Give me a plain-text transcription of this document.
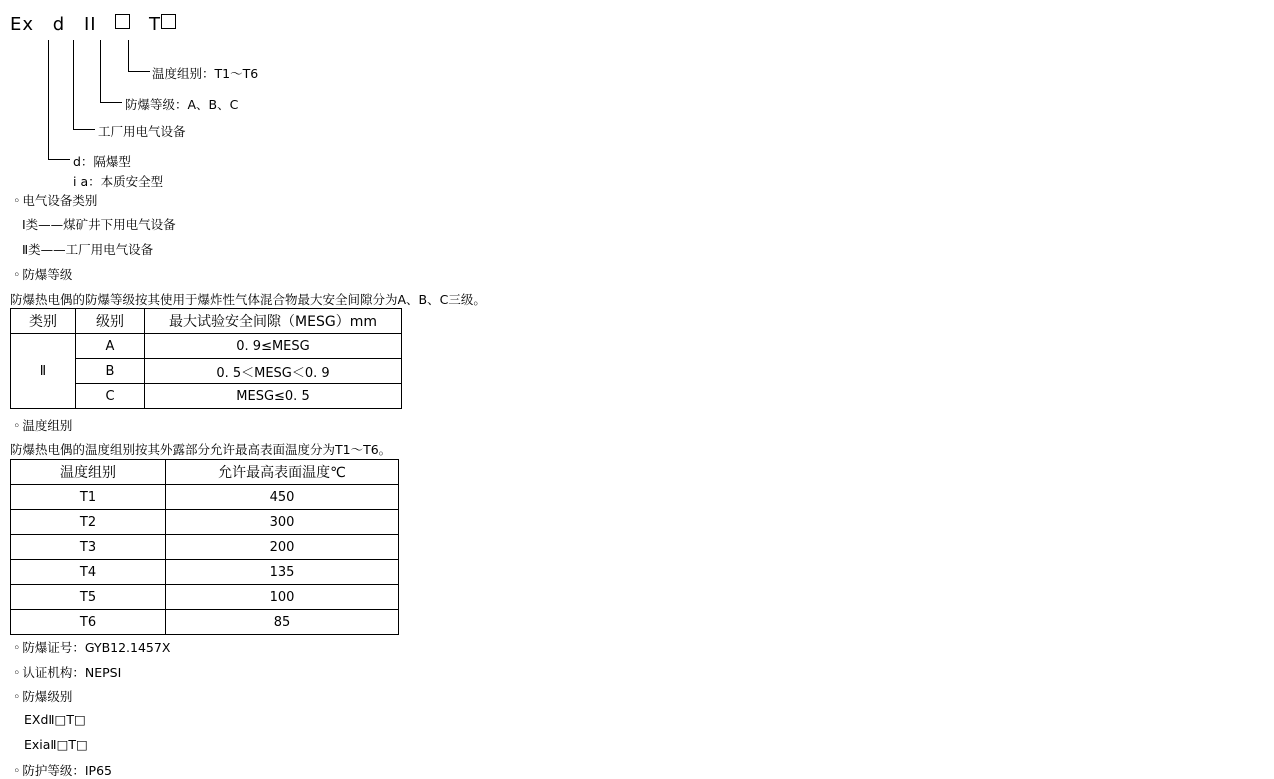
Ex d II	T
温度组别：T1～T6
防爆等级：A、B、C
工厂用电气设备
d：隔爆型
i a：本质安全型
◦ 电气设备类别
Ⅰ类——煤矿井下用电气设备
Ⅱ类——工厂用电气设备
◦ 防爆等级
防爆热电偶的防爆等级按其使用于爆炸性气体混合物最大安全间隙分为A、B、C三级。
类别	级别	最大试验安全间隙（MESG）mm
Ⅱ	A	0. 9≤MESG
	B	0. 5＜MESG＜0. 9
	C	MESG≤0. 5
◦ 温度组别
防爆热电偶的温度组别按其外露部分允许最高表面温度分为T1～T6。
温度组别	允许最高表面温度℃
T1	450
T2	300
T3	200
T4	135
T5	100
T6	85
◦ 防爆证号：GYB12.1457X
◦ 认证机构：NEPSI
◦ 防爆级别
EXdⅡ□T□
ExiaⅡ□T□
◦ 防护等级：IP65
